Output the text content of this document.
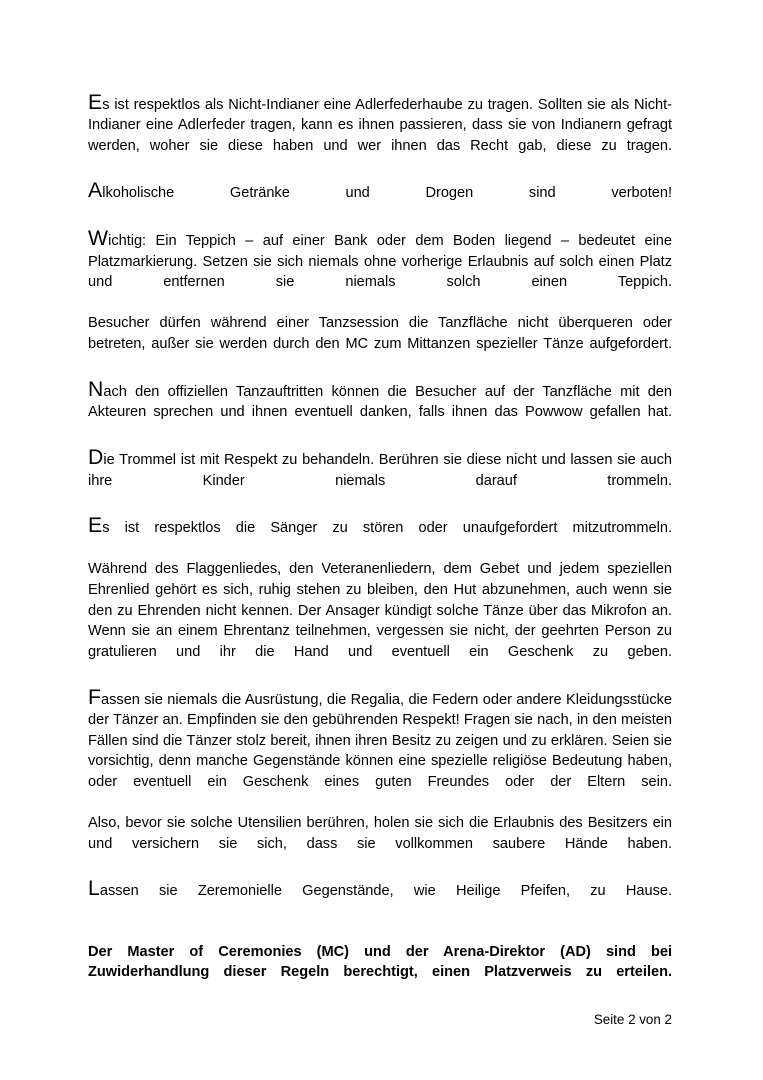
Es ist respektlos als Nicht-Indianer eine Adlerfederhaube zu tragen. Sollten sie als Nicht-Indianer eine Adlerfeder tragen, kann es ihnen passieren, dass sie von Indianern gefragt werden, woher sie diese haben und wer ihnen das Recht gab, diese zu tragen.

Alkoholische Getränke und Drogen sind verboten!

Wichtig: Ein Teppich – auf einer Bank oder dem Boden liegend – bedeutet eine Platzmarkierung. Setzen sie sich niemals ohne vorherige Erlaubnis auf solch einen Platz und entfernen sie niemals solch einen Teppich.

Besucher dürfen während einer Tanzsession die Tanzfläche nicht überqueren oder betreten, außer sie werden durch den MC zum Mittanzen spezieller Tänze aufgefordert.

Nach den offiziellen Tanzauftritten können die Besucher auf der Tanzfläche mit den Akteuren sprechen und ihnen eventuell danken, falls ihnen das Powwow gefallen hat.

Die Trommel ist mit Respekt zu behandeln. Berühren sie diese nicht und lassen sie auch ihre Kinder niemals darauf trommeln.

Es ist respektlos die Sänger zu stören oder unaufgefordert mitzutrommeln.

Während des Flaggenliedes, den Veteranenliedern, dem Gebet und jedem speziellen Ehrenlied gehört es sich, ruhig stehen zu bleiben, den Hut abzunehmen, auch wenn sie den zu Ehrenden nicht kennen. Der Ansager kündigt solche Tänze über das Mikrofon an. Wenn sie an einem Ehrentanz teilnehmen, vergessen sie nicht, der geehrten Person zu gratulieren und ihr die Hand und eventuell ein Geschenk zu geben.

Fassen sie niemals die Ausrüstung, die Regalia, die Federn oder andere Kleidungsstücke der Tänzer an. Empfinden sie den gebührenden Respekt! Fragen sie nach, in den meisten Fällen sind die Tänzer stolz bereit, ihnen ihren Besitz zu zeigen und zu erklären. Seien sie vorsichtig, denn manche Gegenstände können eine spezielle religiöse Bedeutung haben, oder eventuell ein Geschenk eines guten Freundes oder der Eltern sein.

Also, bevor sie solche Utensilien berühren, holen sie sich die Erlaubnis des Besitzers ein und versichern sie sich, dass sie vollkommen saubere Hände haben.

Lassen sie Zeremonielle Gegenstände, wie Heilige Pfeifen, zu Hause.

Der Master of Ceremonies (MC) und der Arena-Direktor (AD) sind bei Zuwiderhandlung dieser Regeln berechtigt, einen Platzverweis zu erteilen.

Seite 2 von 2
